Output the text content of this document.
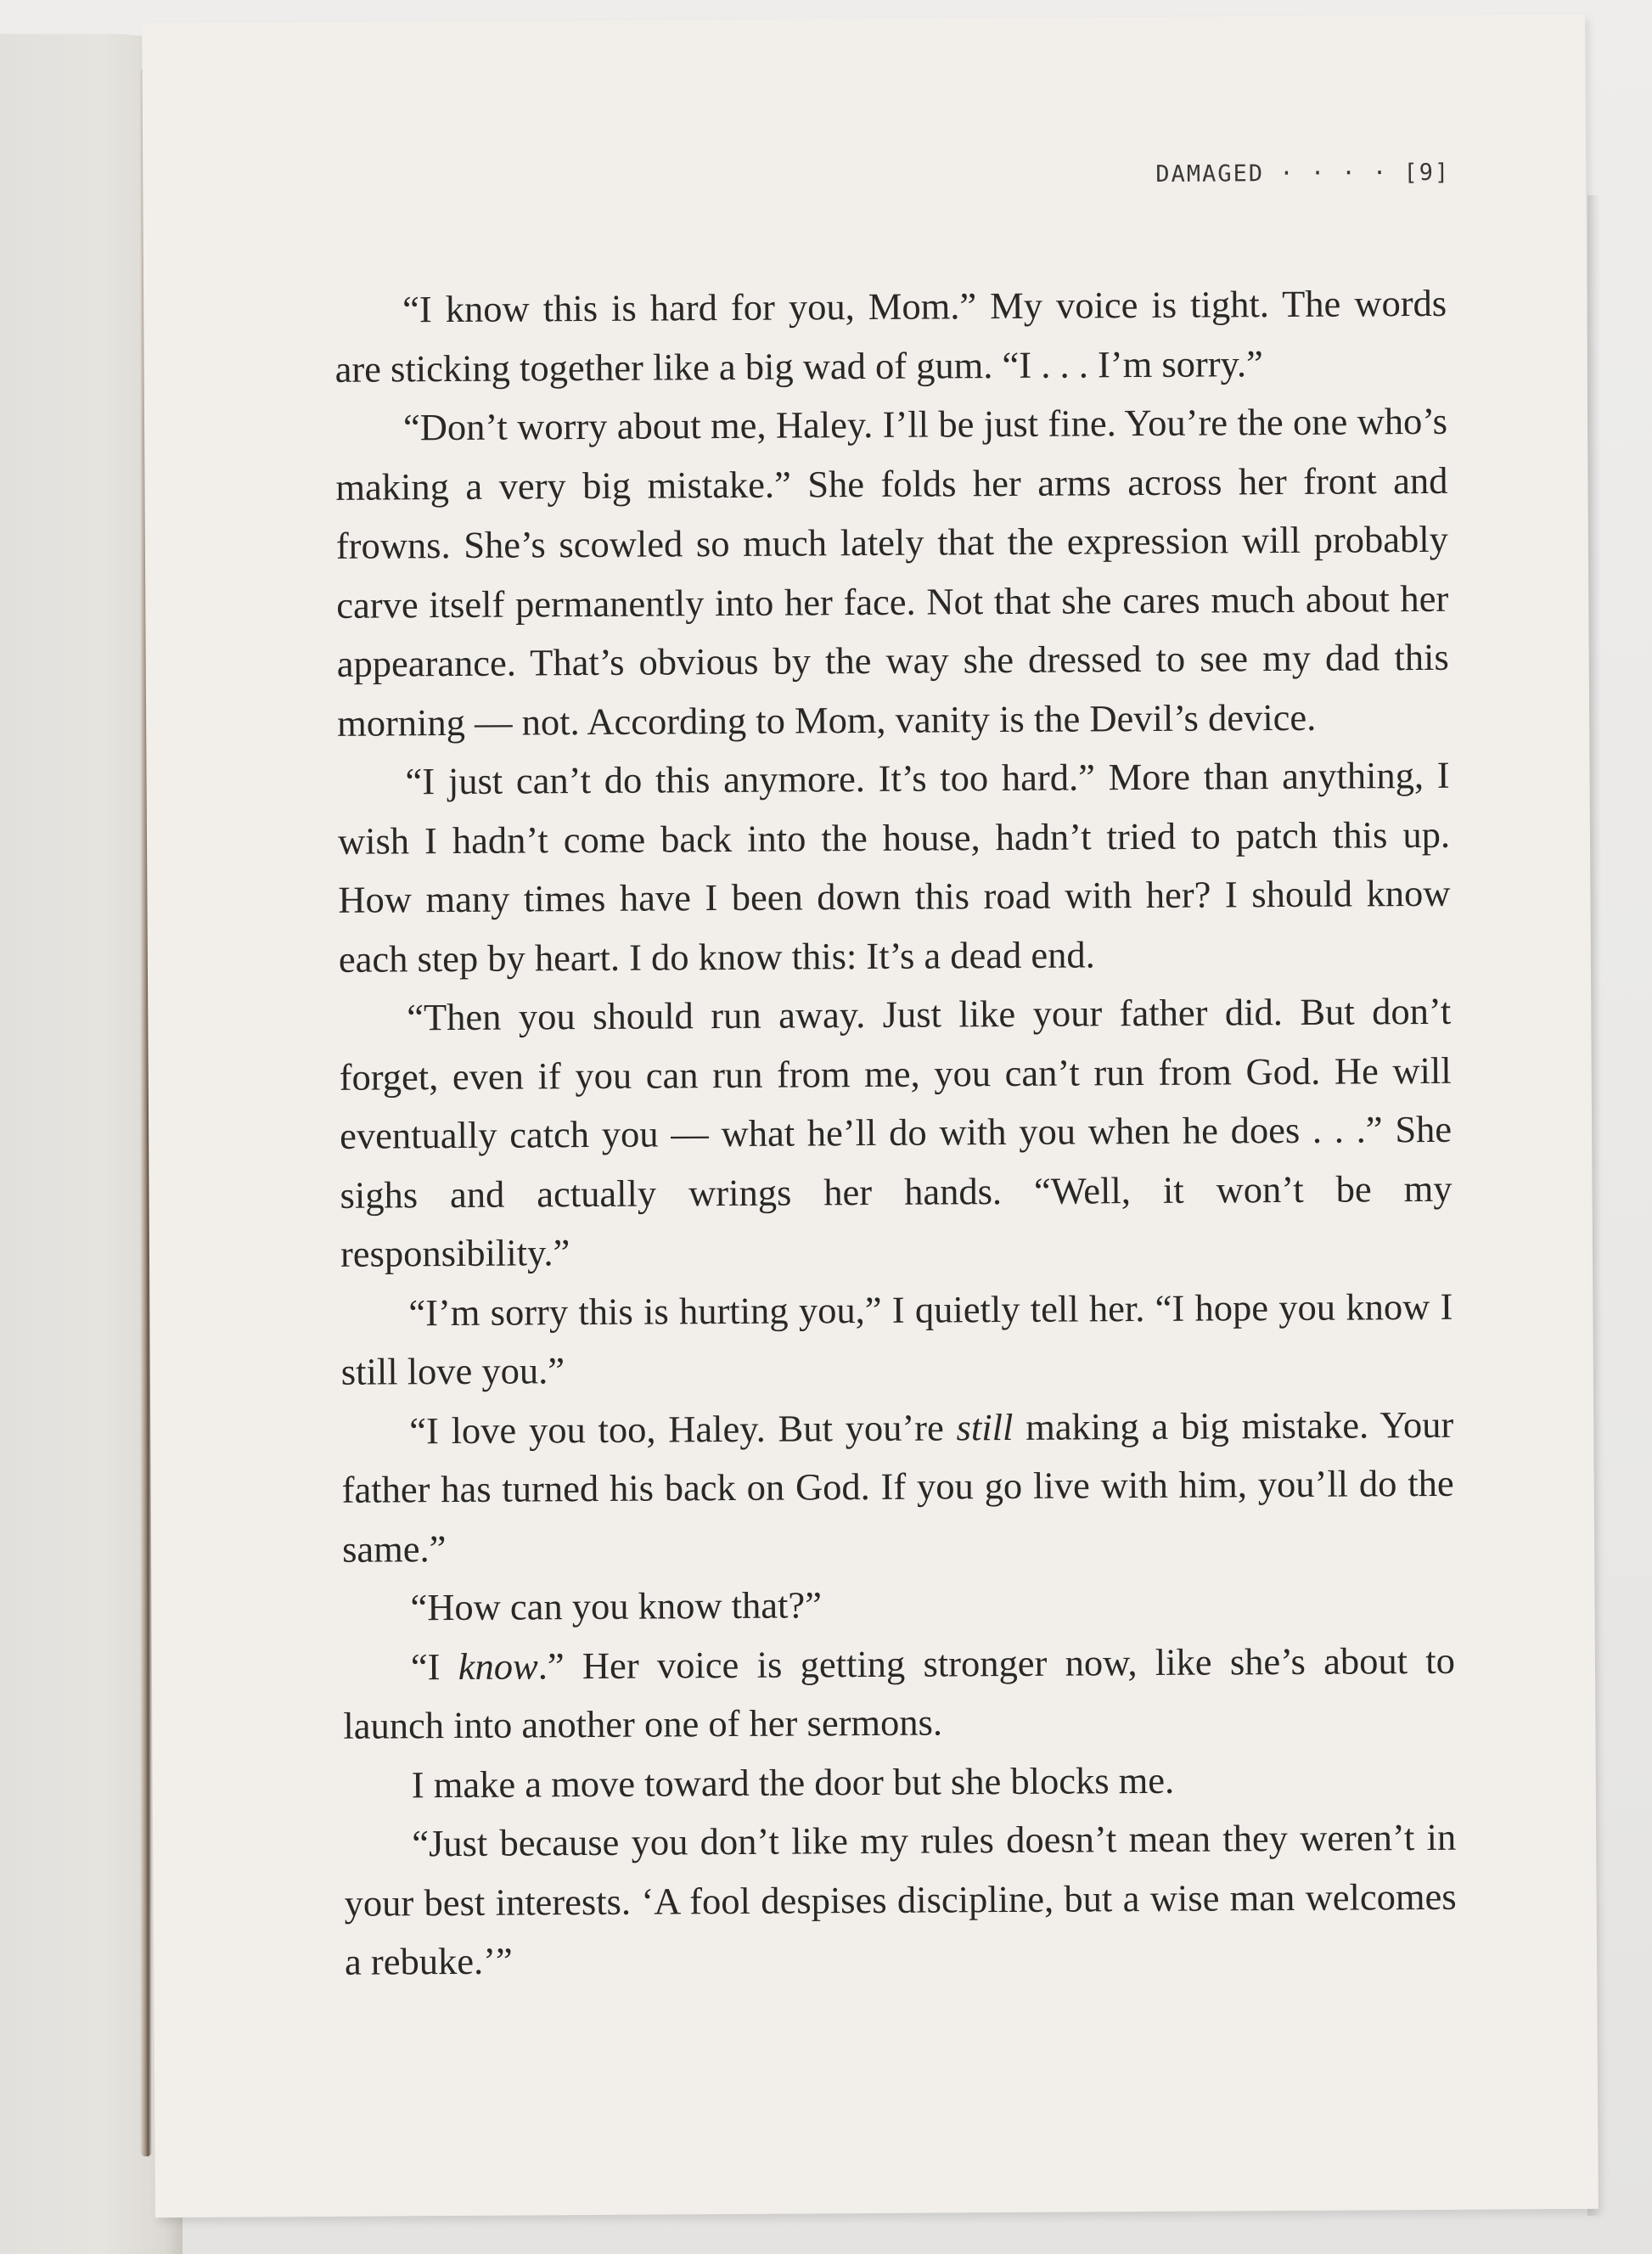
DAMAGED · · · · [9]

“I know this is hard for you, Mom.” My voice is tight. The words are sticking together like a big wad of gum. “I . . . I’m sorry.”

“Don’t worry about me, Haley. I’ll be just fine. You’re the one who’s making a very big mistake.” She folds her arms across her front and frowns. She’s scowled so much lately that the expression will probably carve itself permanently into her face. Not that she cares much about her appearance. That’s obvious by the way she dressed to see my dad this morning — not. According to Mom, vanity is the Devil’s device.

“I just can’t do this anymore. It’s too hard.” More than anything, I wish I hadn’t come back into the house, hadn’t tried to patch this up. How many times have I been down this road with her? I should know each step by heart. I do know this: It’s a dead end.

“Then you should run away. Just like your father did. But don’t forget, even if you can run from me, you can’t run from God. He will eventually catch you — what he’ll do with you when he does . . .” She sighs and actually wrings her hands. “Well, it won’t be my responsibility.”

“I’m sorry this is hurting you,” I quietly tell her. “I hope you know I still love you.”

“I love you too, Haley. But you’re still making a big mistake. Your father has turned his back on God. If you go live with him, you’ll do the same.”

“How can you know that?”

“I know.” Her voice is getting stronger now, like she’s about to launch into another one of her sermons.

I make a move toward the door but she blocks me.

“Just because you don’t like my rules doesn’t mean they weren’t in your best interests. ‘A fool despises discipline, but a wise man welcomes a rebuke.’”
